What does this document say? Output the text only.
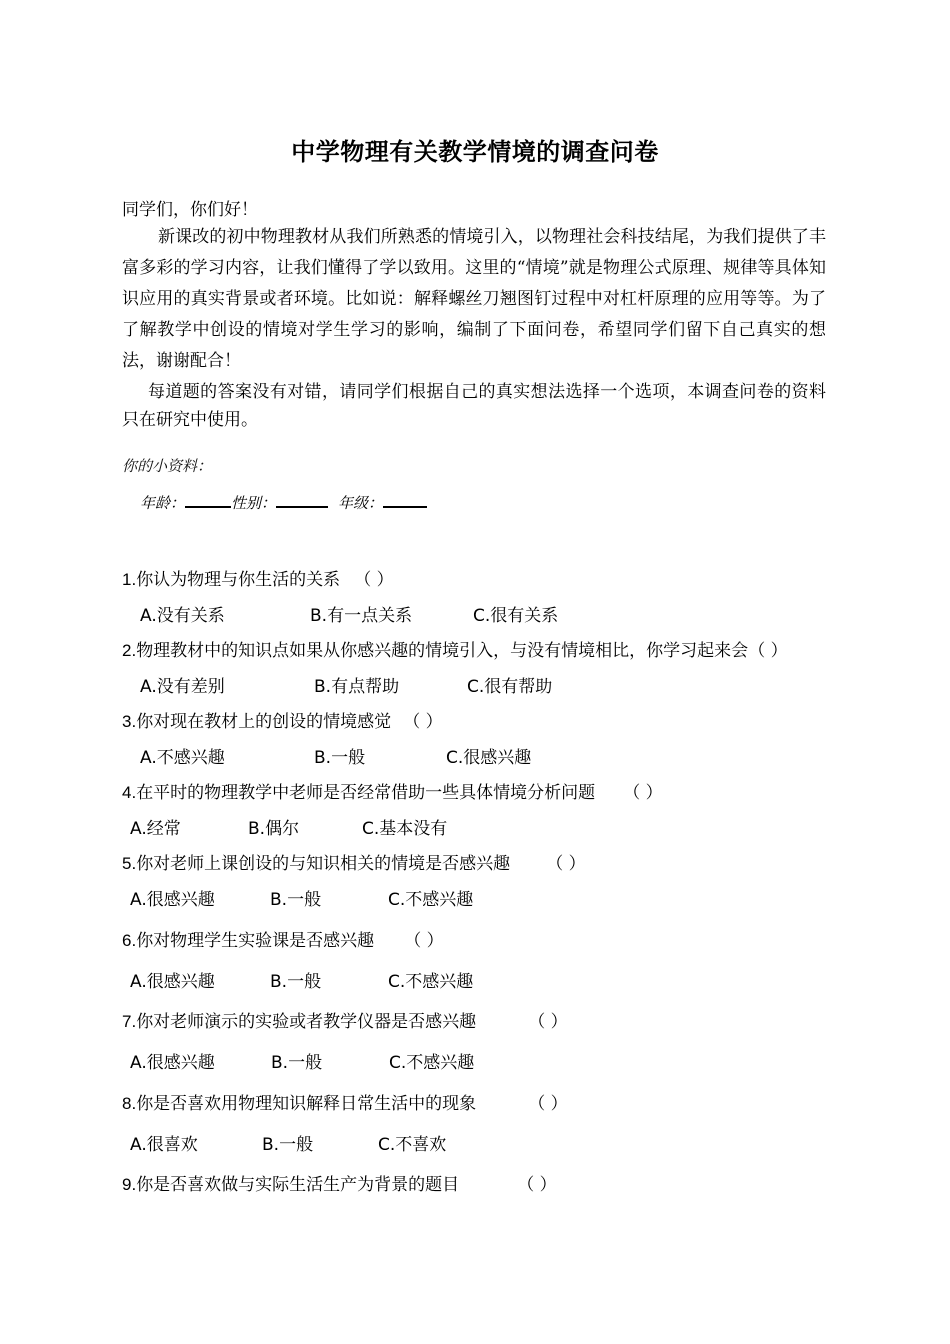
中学物理有关教学情境的调查问卷
同学们，你们好！

新课改的初中物理教材从我们所熟悉的情境引入，以物理社会科技结尾，为我们提供了丰富多彩的学习内容，让我们懂得了学以致用。这里的“情境”就是物理公式原理、规律等具体知识应用的真实背景或者环境。比如说：解释螺丝刀翘图钉过程中对杠杆原理的应用等等。为了了解教学中创设的情境对学生学习的影响，编制了下面问卷，希望同学们留下自己真实的想法，谢谢配合！

每道题的答案没有对错，请同学们根据自己的真实想法选择一个选项，本调查问卷的资料只在研究中使用。

你的小资料：
年龄：	性别：	年级：
1.你认为物理与你生活的关系 （ ）
A.没有关系	B.有一点关系	C.很有关系
2.物理教材中的知识点如果从你感兴趣的情境引入，与没有情境相比，你学习起来会（ ）
A.没有差别	B.有点帮助	C.很有帮助
3.你对现在教材上的创设的情境感觉 （ ）
A.不感兴趣	B.一般	C.很感兴趣
4.在平时的物理教学中老师是否经常借助一些具体情境分析问题 （ ）
A.经常	B.偶尔	C.基本没有
5.你对老师上课创设的与知识相关的情境是否感兴趣 （ ）
A.很感兴趣	B.一般	C.不感兴趣
6.你对物理学生实验课是否感兴趣 （ ）
A.很感兴趣	B.一般	C.不感兴趣
7.你对老师演示的实验或者教学仪器是否感兴趣	（ ）
A.很感兴趣	B.一般	C.不感兴趣
8.你是否喜欢用物理知识解释日常生活中的现象	（ ）
A.很喜欢	B.一般	C.不喜欢
9.你是否喜欢做与实际生活生产为背景的题目	（ ）
